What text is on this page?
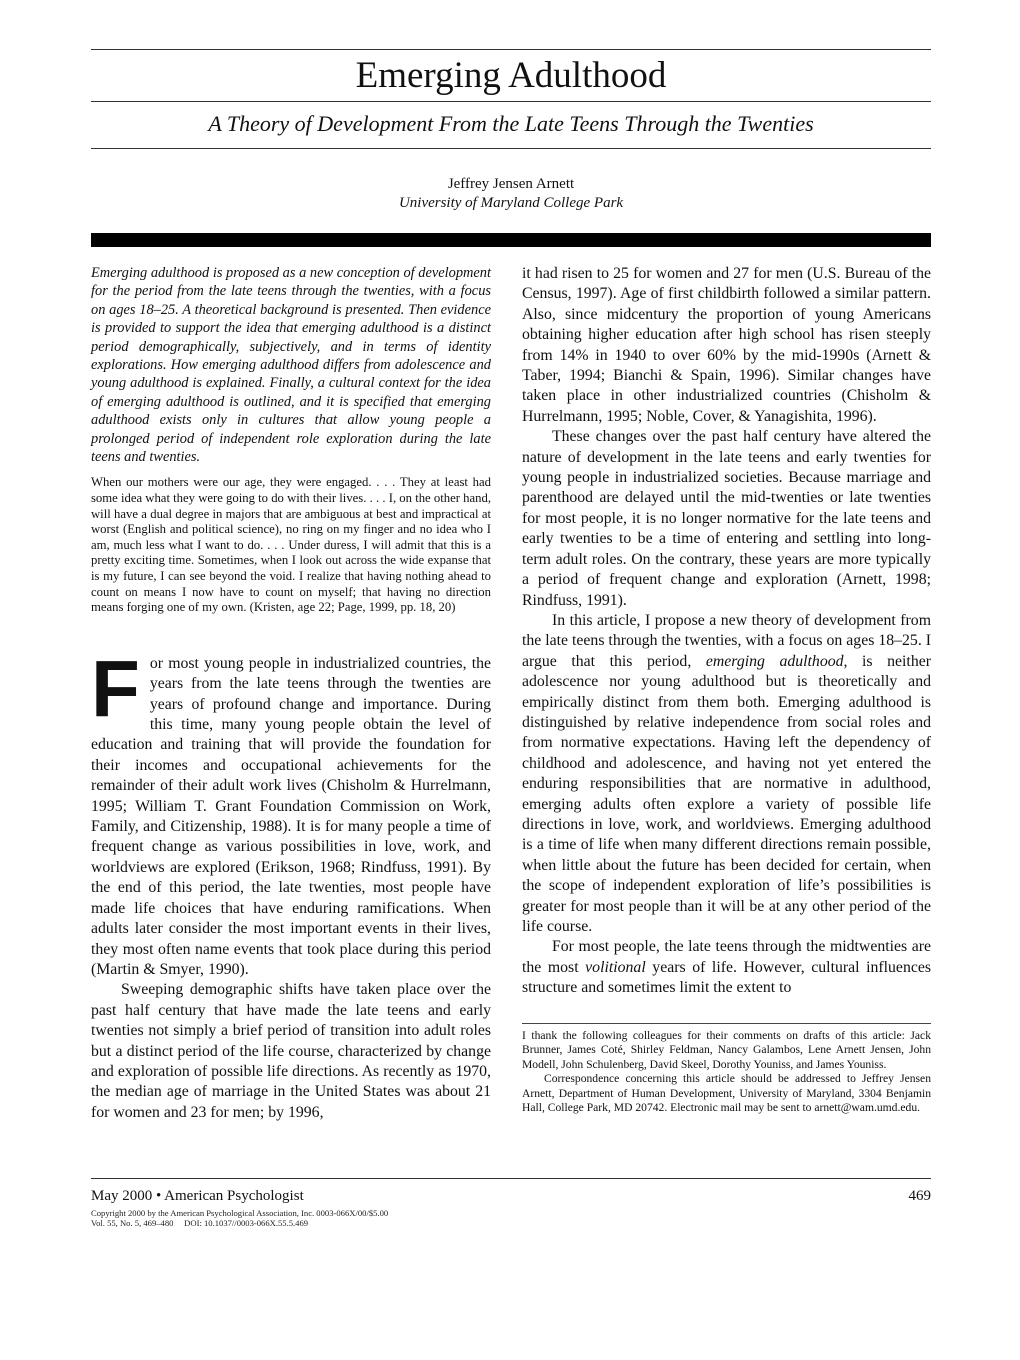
Emerging Adulthood
A Theory of Development From the Late Teens Through the Twenties
Jeffrey Jensen Arnett
University of Maryland College Park

Emerging adulthood is proposed as a new conception of development for the period from the late teens through the twenties, with a focus on ages 18–25. A theoretical background is presented. Then evidence is provided to support the idea that emerging adulthood is a distinct period demographically, subjectively, and in terms of identity explorations. How emerging adulthood differs from adolescence and young adulthood is explained. Finally, a cultural context for the idea of emerging adulthood is outlined, and it is specified that emerging adulthood exists only in cultures that allow young people a prolonged period of independent role exploration during the late teens and twenties.

When our mothers were our age, they were engaged. . . . They at least had some idea what they were going to do with their lives. . . . I, on the other hand, will have a dual degree in majors that are ambiguous at best and impractical at worst (English and political science), no ring on my finger and no idea who I am, much less what I want to do. . . . Under duress, I will admit that this is a pretty exciting time. Sometimes, when I look out across the wide expanse that is my future, I can see beyond the void. I realize that having nothing ahead to count on means I now have to count on myself; that having no direction means forging one of my own. (Kristen, age 22; Page, 1999, pp. 18, 20)

For most young people in industrialized countries, the years from the late teens through the twenties are years of profound change and importance. During this time, many young people obtain the level of education and training that will provide the foundation for their incomes and occupational achievements for the remainder of their adult work lives (Chisholm & Hurrelmann, 1995; William T. Grant Foundation Commission on Work, Family, and Citizenship, 1988). It is for many people a time of frequent change as various possibilities in love, work, and worldviews are explored (Erikson, 1968; Rindfuss, 1991). By the end of this period, the late twenties, most people have made life choices that have enduring ramifications. When adults later consider the most important events in their lives, they most often name events that took place during this period (Martin & Smyer, 1990).

Sweeping demographic shifts have taken place over the past half century that have made the late teens and early twenties not simply a brief period of transition into adult roles but a distinct period of the life course, characterized by change and exploration of possible life directions. As recently as 1970, the median age of marriage in the United States was about 21 for women and 23 for men; by 1996,

it had risen to 25 for women and 27 for men (U.S. Bureau of the Census, 1997). Age of first childbirth followed a similar pattern. Also, since midcentury the proportion of young Americans obtaining higher education after high school has risen steeply from 14% in 1940 to over 60% by the mid-1990s (Arnett & Taber, 1994; Bianchi & Spain, 1996). Similar changes have taken place in other industrialized countries (Chisholm & Hurrelmann, 1995; Noble, Cover, & Yanagishita, 1996).

These changes over the past half century have altered the nature of development in the late teens and early twenties for young people in industrialized societies. Because marriage and parenthood are delayed until the mid-twenties or late twenties for most people, it is no longer normative for the late teens and early twenties to be a time of entering and settling into long-term adult roles. On the contrary, these years are more typically a period of frequent change and exploration (Arnett, 1998; Rindfuss, 1991).

In this article, I propose a new theory of development from the late teens through the twenties, with a focus on ages 18–25. I argue that this period, emerging adulthood, is neither adolescence nor young adulthood but is theoretically and empirically distinct from them both. Emerging adulthood is distinguished by relative independence from social roles and from normative expectations. Having left the dependency of childhood and adolescence, and having not yet entered the enduring responsibilities that are normative in adulthood, emerging adults often explore a variety of possible life directions in love, work, and worldviews. Emerging adulthood is a time of life when many different directions remain possible, when little about the future has been decided for certain, when the scope of independent exploration of life’s possibilities is greater for most people than it will be at any other period of the life course.

For most people, the late teens through the midtwenties are the most volitional years of life. However, cultural influences structure and sometimes limit the extent to

I thank the following colleagues for their comments on drafts of this article: Jack Brunner, James Coté, Shirley Feldman, Nancy Galambos, Lene Arnett Jensen, John Modell, John Schulenberg, David Skeel, Dorothy Youniss, and James Youniss.

Correspondence concerning this article should be addressed to Jeffrey Jensen Arnett, Department of Human Development, University of Maryland, 3304 Benjamin Hall, College Park, MD 20742. Electronic mail may be sent to arnett@wam.umd.edu.

May 2000 • American Psychologist	469
Copyright 2000 by the American Psychological Association, Inc. 0003-066X/00/$5.00
Vol. 55, No. 5, 469–480     DOI: 10.1037//0003-066X.55.5.469
